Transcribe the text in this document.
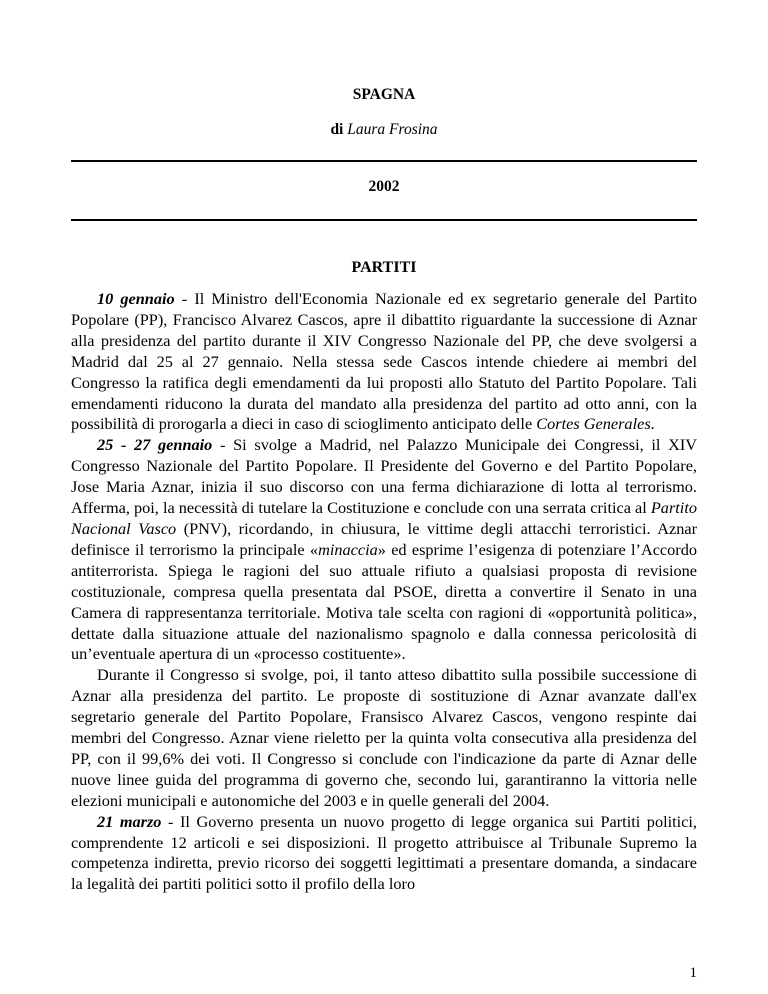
SPAGNA
di Laura Frosina
2002
PARTITI

10 gennaio - Il Ministro dell'Economia Nazionale ed ex segretario generale del Partito Popolare (PP), Francisco Alvarez Cascos, apre il dibattito riguardante la successione di Aznar alla presidenza del partito durante il XIV Congresso Nazionale del PP, che deve svolgersi a Madrid dal 25 al 27 gennaio. Nella stessa sede Cascos intende chiedere ai membri del Congresso la ratifica degli emendamenti da lui proposti allo Statuto del Partito Popolare. Tali emendamenti riducono la durata del mandato alla presidenza del partito ad otto anni, con la possibilità di prorogarla a dieci in caso di scioglimento anticipato delle Cortes Generales.

25 - 27 gennaio - Si svolge a Madrid, nel Palazzo Municipale dei Congressi, il XIV Congresso Nazionale del Partito Popolare. Il Presidente del Governo e del Partito Popolare, Jose Maria Aznar, inizia il suo discorso con una ferma dichiarazione di lotta al terrorismo. Afferma, poi, la necessità di tutelare la Costituzione e conclude con una serrata critica al Partito Nacional Vasco (PNV), ricordando, in chiusura, le vittime degli attacchi terroristici. Aznar definisce il terrorismo la principale «minaccia» ed esprime l’esigenza di potenziare l’Accordo antiterrorista. Spiega le ragioni del suo attuale rifiuto a qualsiasi proposta di revisione costituzionale, compresa quella presentata dal PSOE, diretta a convertire il Senato in una Camera di rappresentanza territoriale. Motiva tale scelta con ragioni di «opportunità politica», dettate dalla situazione attuale del nazionalismo spagnolo e dalla connessa pericolosità di un’eventuale apertura di un «processo costituente».

Durante il Congresso si svolge, poi, il tanto atteso dibattito sulla possibile successione di Aznar alla presidenza del partito. Le proposte di sostituzione di Aznar avanzate dall'ex segretario generale del Partito Popolare, Fransisco Alvarez Cascos, vengono respinte dai membri del Congresso. Aznar viene rieletto per la quinta volta consecutiva alla presidenza del PP, con il 99,6% dei voti. Il Congresso si conclude con l'indicazione da parte di Aznar delle nuove linee guida del programma di governo che, secondo lui, garantiranno la vittoria nelle elezioni municipali e autonomiche del 2003 e in quelle generali del 2004.

21 marzo - Il Governo presenta un nuovo progetto di legge organica sui Partiti politici, comprendente 12 articoli e sei disposizioni. Il progetto attribuisce al Tribunale Supremo la competenza indiretta, previo ricorso dei soggetti legittimati a presentare domanda, a sindacare la legalità dei partiti politici sotto il profilo della loro

1
